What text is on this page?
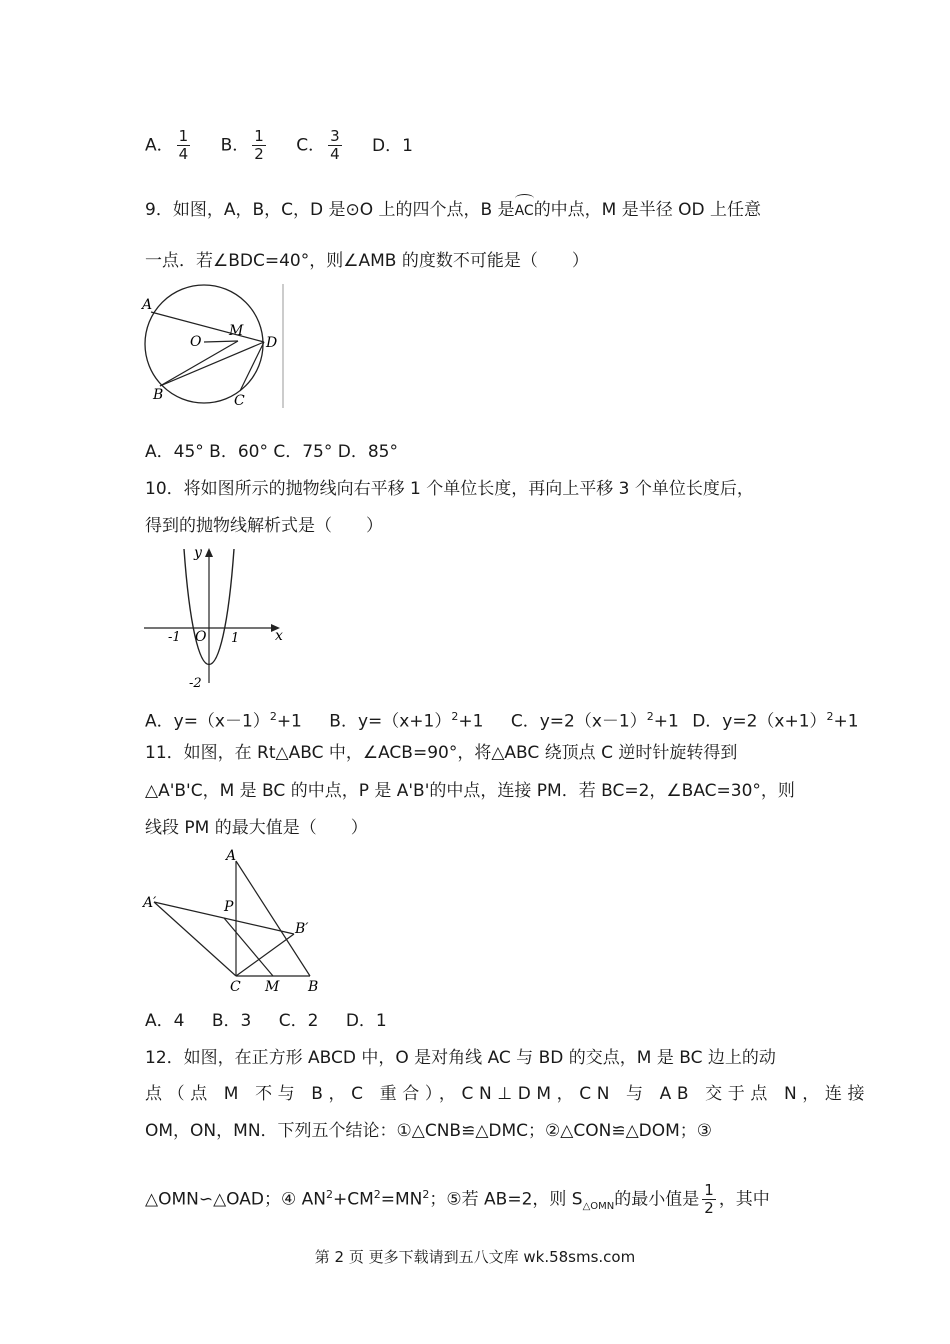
A． $\frac{1}{4}$ B． $\frac{1}{2}$ C． $\frac{3}{4}$ D．1
9．如图，A，B，C，D 是⊙O 上的四个点，B 是AC的中点，M 是半径 OD 上任意
一点．若∠BDC=40°，则∠AMB 的度数不可能是（　　）
A
O
M
D
B	C
A．45° B．60° C．75° D．85°
10．将如图所示的抛物线向右平移 1 个单位长度，再向上平移 3 个单位长度后，
得到的抛物线解析式是（　　）
y
x
O
-1	1
-2
A．$y=(x-1)^2+1$ B．$y=(x+1)^2+1$ C．$y=2(x-1)^2+1$ D．$y=2(x+1)^2+1$
11．如图，在 Rt△ABC 中，∠ACB=90°，将△ABC 绕顶点 C 逆时针旋转得到
△A'B'C，M 是 BC 的中点，P 是 A'B'的中点，连接 PM．若 BC=2，∠BAC=30°，则
线段 PM 的最大值是（　　）
A
A′	P
B′
C M B
A．4 B．3 C．2 D．1
12．如图，在正方形 ABCD 中，O 是对角线 AC 与 BD 的交点，M 是 BC 边上的动
点（点 M 不与 B，C 重合），CN⊥DM，CN 与 AB 交于点 N，连接
OM，ON，MN．下列五个结论：①△CNB≌△DMC；②△CON≌△DOM；③
△OMN∽△OAD；④ $AN^2+CM^2=MN^2$；⑤若 AB=2，则 $S_{\triangle OMN}$的最小值是 $\frac{1}{2}$ ，其中
第 2 页 更多下载请到五八文库 wk.58sms.com
